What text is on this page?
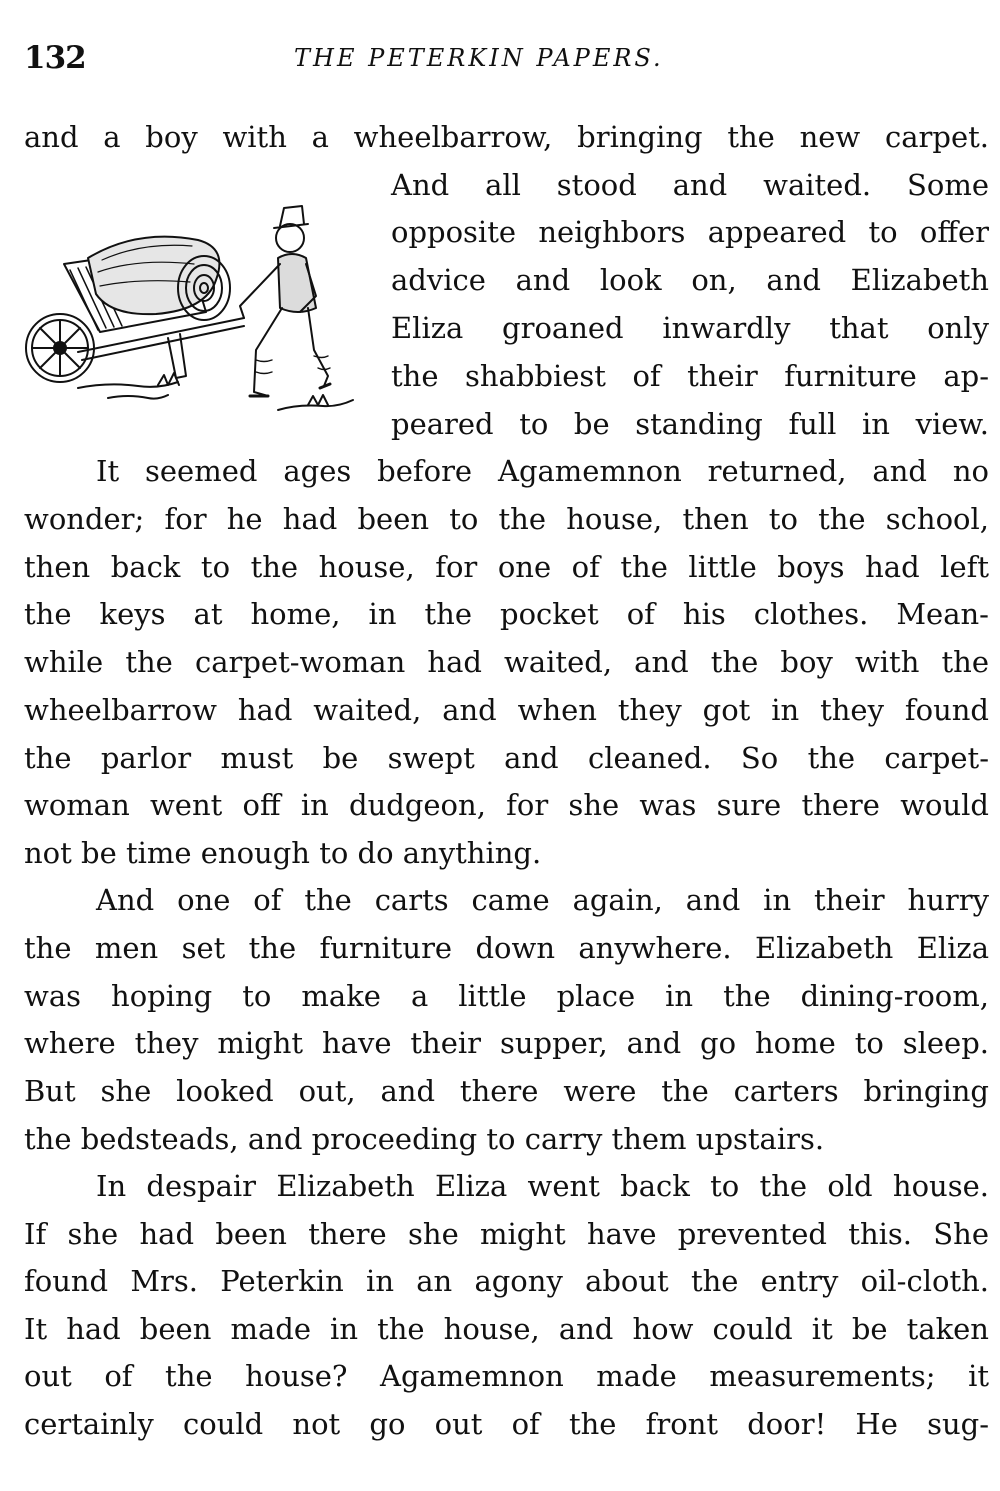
132	THE PETERKIN PAPERS.
and a boy with a wheelbarrow, bringing the new carpet.
And all stood and waited. Some
opposite neighbors appeared to offer
advice and look on, and Elizabeth
Eliza groaned inwardly that only
the shabbiest of their furniture ap-
peared to be standing full in view.
It seemed ages before Agamemnon returned, and no
wonder; for he had been to the house, then to the school,
then back to the house, for one of the little boys had left
the keys at home, in the pocket of his clothes. Mean-
while the carpet-woman had waited, and the boy with the
wheelbarrow had waited, and when they got in they found
the parlor must be swept and cleaned. So the carpet-
woman went off in dudgeon, for she was sure there would
not be time enough to do anything.
And one of the carts came again, and in their hurry
the men set the furniture down anywhere. Elizabeth Eliza
was hoping to make a little place in the dining-room,
where they might have their supper, and go home to sleep.
But she looked out, and there were the carters bringing
the bedsteads, and proceeding to carry them upstairs.
In despair Elizabeth Eliza went back to the old house.
If she had been there she might have prevented this. She
found Mrs. Peterkin in an agony about the entry oil-cloth.
It had been made in the house, and how could it be taken
out of the house? Agamemnon made measurements; it
certainly could not go out of the front door! He sug-
